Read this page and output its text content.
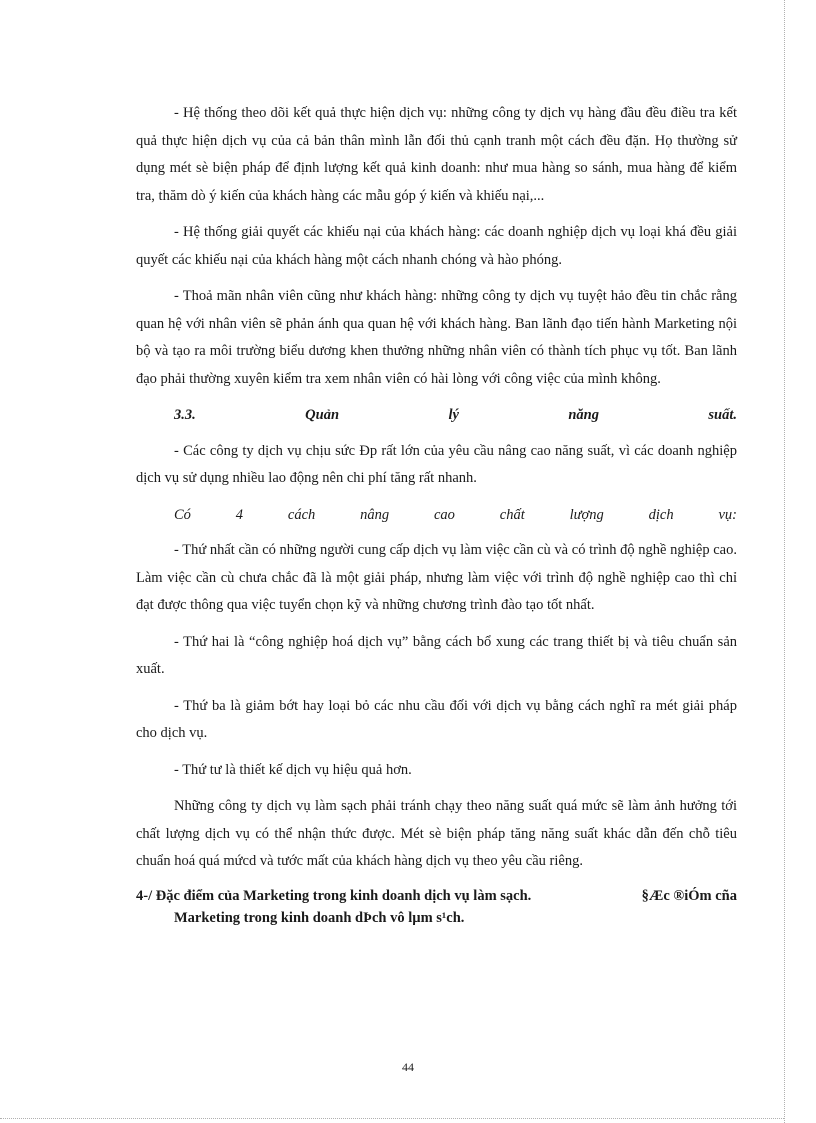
- Hệ thống theo dõi kết quả thực hiện dịch vụ: những công ty dịch vụ hàng đầu đều điều tra kết quả thực hiện dịch vụ của cả bản thân mình lẫn đối thủ cạnh tranh một cách đều đặn. Họ thường sử dụng mét sè biện pháp để định lượng kết quả kinh doanh: như mua hàng so sánh, mua hàng để kiểm tra, thăm dò ý kiến của khách hàng các mẫu góp ý kiến và khiếu nại,...

- Hệ thống giải quyết các khiếu nại của khách hàng: các doanh nghiệp dịch vụ loại khá đều giải quyết các khiếu nại của khách hàng một cách nhanh chóng và hào phóng.

- Thoả mãn nhân viên cũng như khách hàng: những công ty dịch vụ tuyệt hảo đều tin chắc rằng quan hệ với nhân viên sẽ phản ánh qua quan hệ với khách hàng. Ban lãnh đạo tiến hành Marketing nội bộ và tạo ra môi trường biểu dương khen thưởng những nhân viên có thành tích phục vụ tốt. Ban lãnh đạo phải thường xuyên kiểm tra xem nhân viên có hài lòng với công việc của mình không.

3.3. Quản lý năng suất.

- Các công ty dịch vụ chịu sức Ðp rất lớn của yêu cầu nâng cao năng suất, vì các doanh nghiệp dịch vụ sử dụng nhiều lao động nên chi phí tăng rất nhanh.

Có 4 cách nâng cao chất lượng dịch vụ:

- Thứ nhất cần có những người cung cấp dịch vụ làm việc cần cù và có trình độ nghề nghiệp cao. Làm việc cần cù chưa chắc đã là một giải pháp, nhưng làm việc với trình độ nghề nghiệp cao thì chỉ đạt được thông qua việc tuyển chọn kỹ và những chương trình đào tạo tốt nhất.

- Thứ hai là “công nghiệp hoá dịch vụ” bằng cách bổ xung các trang thiết bị và tiêu chuẩn sản xuất.

- Thứ ba là giảm bớt hay loại bỏ các nhu cầu đối với dịch vụ bằng cách nghĩ ra mét giải pháp cho dịch vụ.

- Thứ tư là thiết kế dịch vụ hiệu quả hơn.

Những công ty dịch vụ làm sạch phải tránh chạy theo năng suất quá mức sẽ làm ảnh hưởng tới chất lượng dịch vụ có thể nhận thức được. Mét sè biện pháp tăng năng suất khác dẫn đến chỗ tiêu chuẩn hoá quá mứcd và tước mất của khách hàng dịch vụ theo yêu cầu riêng.

4-/ Đặc điểm của Marketing trong kinh doanh dịch vụ làm sạch.	§Æc ®iÓm cña
Marketing trong kinh doanh dÞch vô lµm s¹ch.
44
